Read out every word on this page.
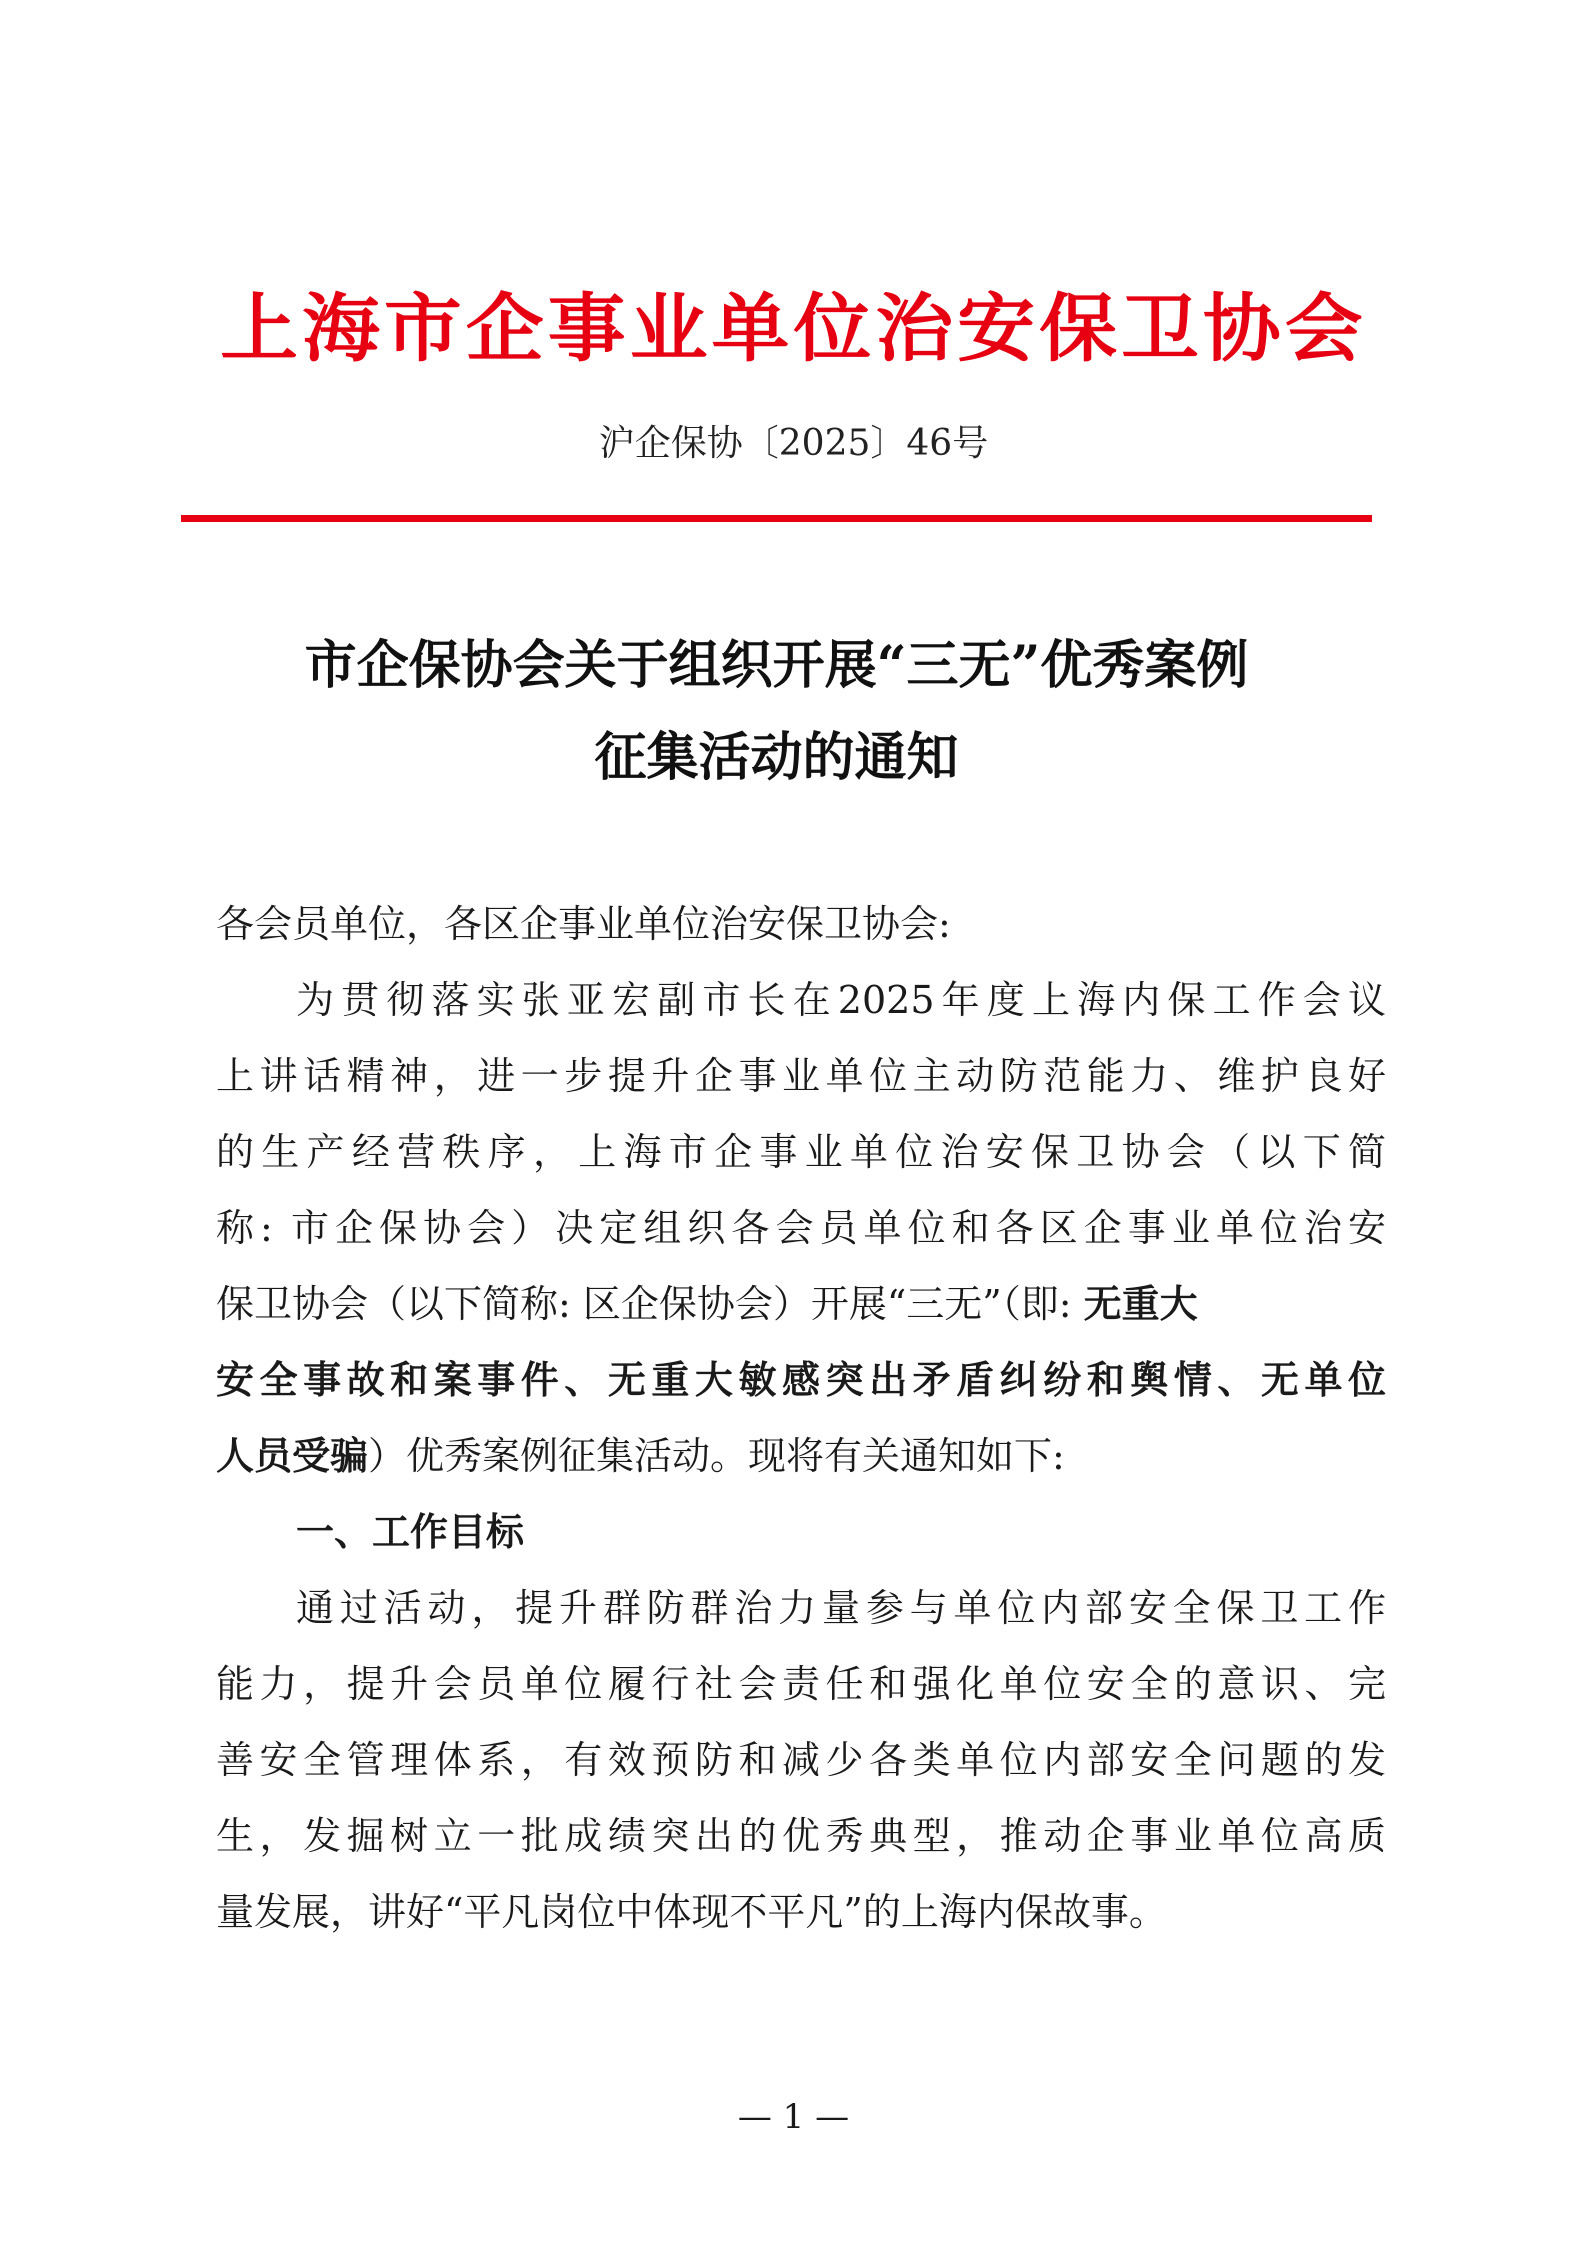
上海市企事业单位治安保卫协会
沪企保协〔2025〕46号
市企保协会关于组织开展“三无”优秀案例
征集活动的通知
各会员单位，各区企事业单位治安保卫协会:
为贯彻落实张亚宏副市长在2025年度上海内保工作会议
上讲话精神，进一步提升企事业单位主动防范能力、维护良好
的生产经营秩序，上海市企事业单位治安保卫协会（以下简
称: 市企保协会）决定组织各会员单位和各区企事业单位治安
保卫协会（以下简称: 区企保协会）开展“三无”（即: 无重大
安全事故和案事件、无重大敏感突出矛盾纠纷和舆情、无单位
人员受骗）优秀案例征集活动。现将有关通知如下:
一、工作目标
通过活动，提升群防群治力量参与单位内部安全保卫工作
能力，提升会员单位履行社会责任和强化单位安全的意识、完
善安全管理体系，有效预防和减少各类单位内部安全问题的发
生，发掘树立一批成绩突出的优秀典型，推动企事业单位高质
量发展，讲好“平凡岗位中体现不平凡”的上海内保故事。
— 1 —
